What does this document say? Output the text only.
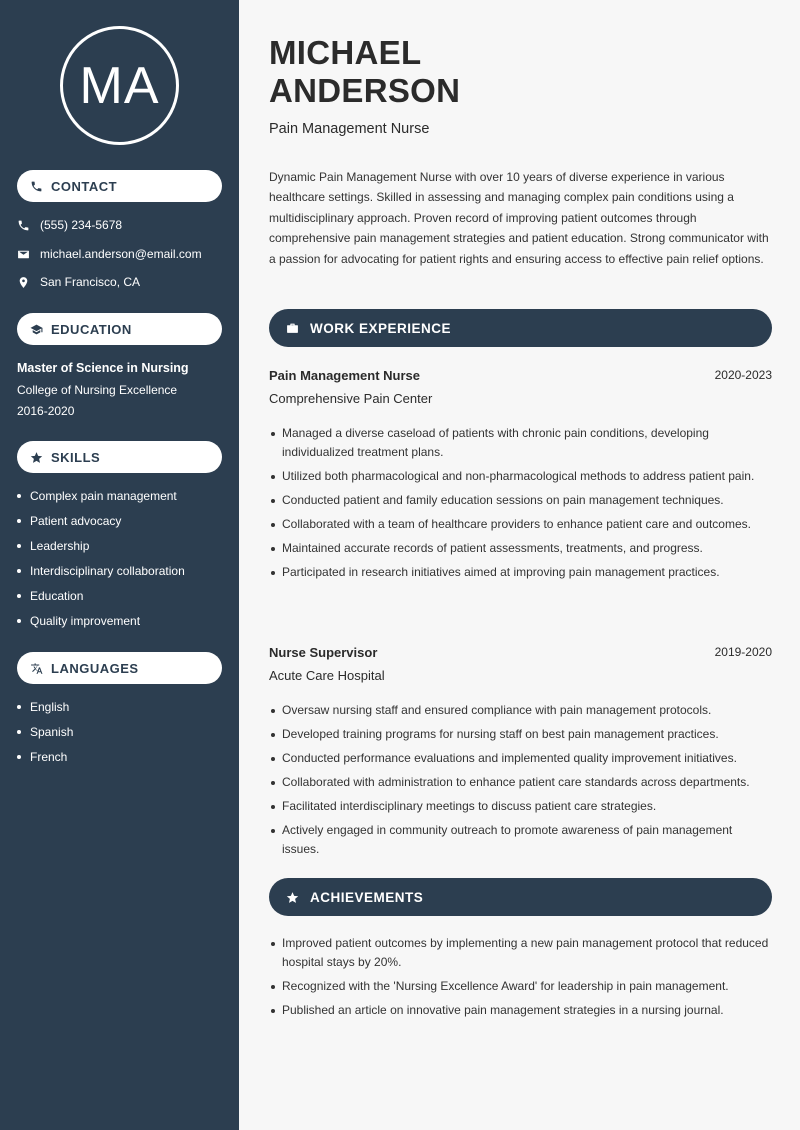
MA
CONTACT
(555) 234-5678
michael.anderson@email.com
San Francisco, CA
EDUCATION
Master of Science in Nursing
College of Nursing Excellence
2016-2020
SKILLS
Complex pain management
Patient advocacy
Leadership
Interdisciplinary collaboration
Education
Quality improvement
LANGUAGES
English
Spanish
French
MICHAEL
ANDERSON
Pain Management Nurse

Dynamic Pain Management Nurse with over 10 years of diverse experience in various healthcare settings. Skilled in assessing and managing complex pain conditions using a multidisciplinary approach. Proven record of improving patient outcomes through comprehensive pain management strategies and patient education. Strong communicator with a passion for advocating for patient rights and ensuring access to effective pain relief options.

WORK EXPERIENCE
Pain Management Nurse	2020-2023
Comprehensive Pain Center
Managed a diverse caseload of patients with chronic pain conditions, developing individualized treatment plans.
Utilized both pharmacological and non-pharmacological methods to address patient pain.
Conducted patient and family education sessions on pain management techniques.
Collaborated with a team of healthcare providers to enhance patient care and outcomes.
Maintained accurate records of patient assessments, treatments, and progress.
Participated in research initiatives aimed at improving pain management practices.
Nurse Supervisor	2019-2020
Acute Care Hospital
Oversaw nursing staff and ensured compliance with pain management protocols.
Developed training programs for nursing staff on best pain management practices.
Conducted performance evaluations and implemented quality improvement initiatives.
Collaborated with administration to enhance patient care standards across departments.
Facilitated interdisciplinary meetings to discuss patient care strategies.
Actively engaged in community outreach to promote awareness of pain management issues.
ACHIEVEMENTS
Improved patient outcomes by implementing a new pain management protocol that reduced hospital stays by 20%.
Recognized with the 'Nursing Excellence Award' for leadership in pain management.
Published an article on innovative pain management strategies in a nursing journal.
